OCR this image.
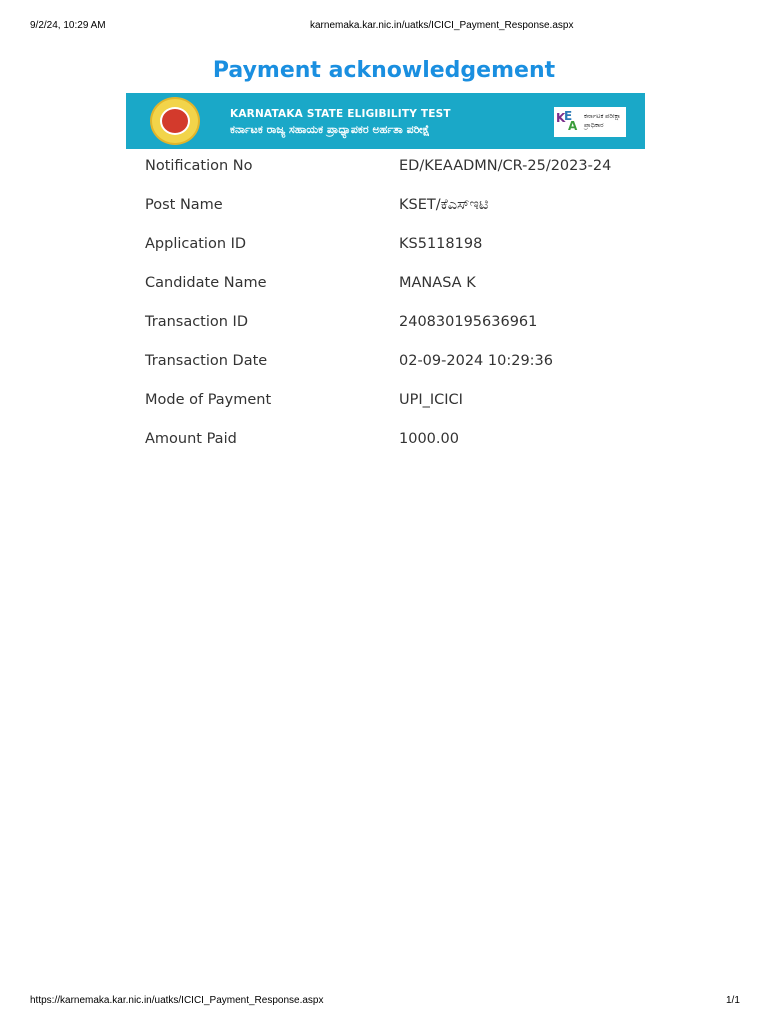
9/2/24, 10:29 AM	karnemaka.kar.nic.in/uatks/ICICI_Payment_Response.aspx
Payment acknowledgement
KARNATAKA STATE ELIGIBILITY TEST
ಕರ್ನಾಟಕ ರಾಜ್ಯ ಸಹಾಯಕ ಪ್ರಾಧ್ಯಾಪಕರ ಅರ್ಹತಾ ಪರೀಕ್ಷೆ
K
E
A
ಕರ್ನಾಟಕ ಪರೀಕ್ಷಾ
ಪ್ರಾಧಿಕಾರ
Notification No	ED/KEAADMN/CR-25/2023-24
Post Name	KSET/ಕೆಎಸ್ಇಟಿ
Application ID	KS5118198
Candidate Name	MANASA K
Transaction ID	240830195636961
Transaction Date	02-09-2024 10:29:36
Mode of Payment	UPI_ICICI
Amount Paid	1000.00
https://karnemaka.kar.nic.in/uatks/ICICI_Payment_Response.aspx	1/1
